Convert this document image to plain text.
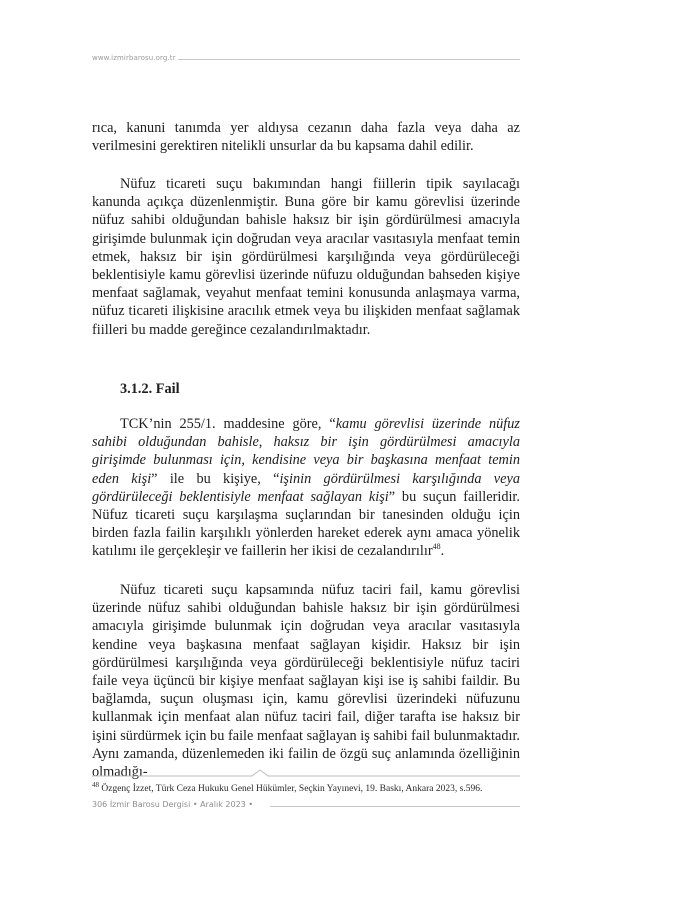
www.izmirbarosu.org.tr

rıca, kanuni tanımda yer aldıysa cezanın daha fazla veya daha az verilmesini gerektiren nitelikli unsurlar da bu kapsama dahil edilir.

Nüfuz ticareti suçu bakımından hangi fiillerin tipik sayılacağı kanunda açıkça düzenlenmiştir. Buna göre bir kamu görevlisi üzerinde nüfuz sahibi olduğundan bahisle haksız bir işin gördürülmesi amacıyla girişimde bulunmak için doğrudan veya aracılar vasıtasıyla menfaat temin etmek, haksız bir işin gördürülmesi karşılığında veya gördürüleceği beklentisiyle kamu görevlisi üzerinde nüfuzu olduğundan bahseden kişiye menfaat sağlamak, veyahut menfaat temini konusunda anlaşmaya varma, nüfuz ticareti ilişkisine aracılık etmek veya bu ilişkiden menfaat sağlamak fiilleri bu madde gereğince cezalandırılmaktadır.

3.1.2. Fail

TCK’nin 255/1. maddesine göre, “kamu görevlisi üzerinde nüfuz sahibi olduğundan bahisle, haksız bir işin gördürülmesi amacıyla girişimde bulunması için, kendisine veya bir başkasına menfaat temin eden kişi” ile bu kişiye, “işinin gördürülmesi karşılığında veya gördürüleceği beklentisiyle menfaat sağlayan kişi” bu suçun failleridir. Nüfuz ticareti suçu karşılaşma suçlarından bir tanesinden olduğu için birden fazla failin karşılıklı yönlerden hareket ederek aynı amaca yönelik katılımı ile gerçekleşir ve faillerin her ikisi de cezalandırılır$^{48}$.

Nüfuz ticareti suçu kapsamında nüfuz taciri fail, kamu görevlisi üzerinde nüfuz sahibi olduğundan bahisle haksız bir işin gördürülmesi amacıyla girişimde bulunmak için doğrudan veya aracılar vasıtasıyla kendine veya başkasına menfaat sağlayan kişidir. Haksız bir işin gördürülmesi karşılığında veya gördürüleceği beklentisiyle nüfuz taciri faile veya üçüncü bir kişiye menfaat sağlayan kişi ise iş sahibi faildir. Bu bağlamda, suçun oluşması için, kamu görevlisi üzerindeki nüfuzunu kullanmak için menfaat alan nüfuz taciri fail, diğer tarafta ise haksız bir işini sürdürmek için bu faile menfaat sağlayan iş sahibi fail bulunmaktadır. Aynı zamanda, düzenlemeden iki failin de özgü suç anlamında özelliğinin olmadığı-

$^{48}$ Özgenç İzzet, Türk Ceza Hukuku Genel Hükümler, Seçkin Yayınevi, 19. Baskı, Ankara 2023, s.596.
306 İzmir Barosu Dergisi • Aralık 2023 •
